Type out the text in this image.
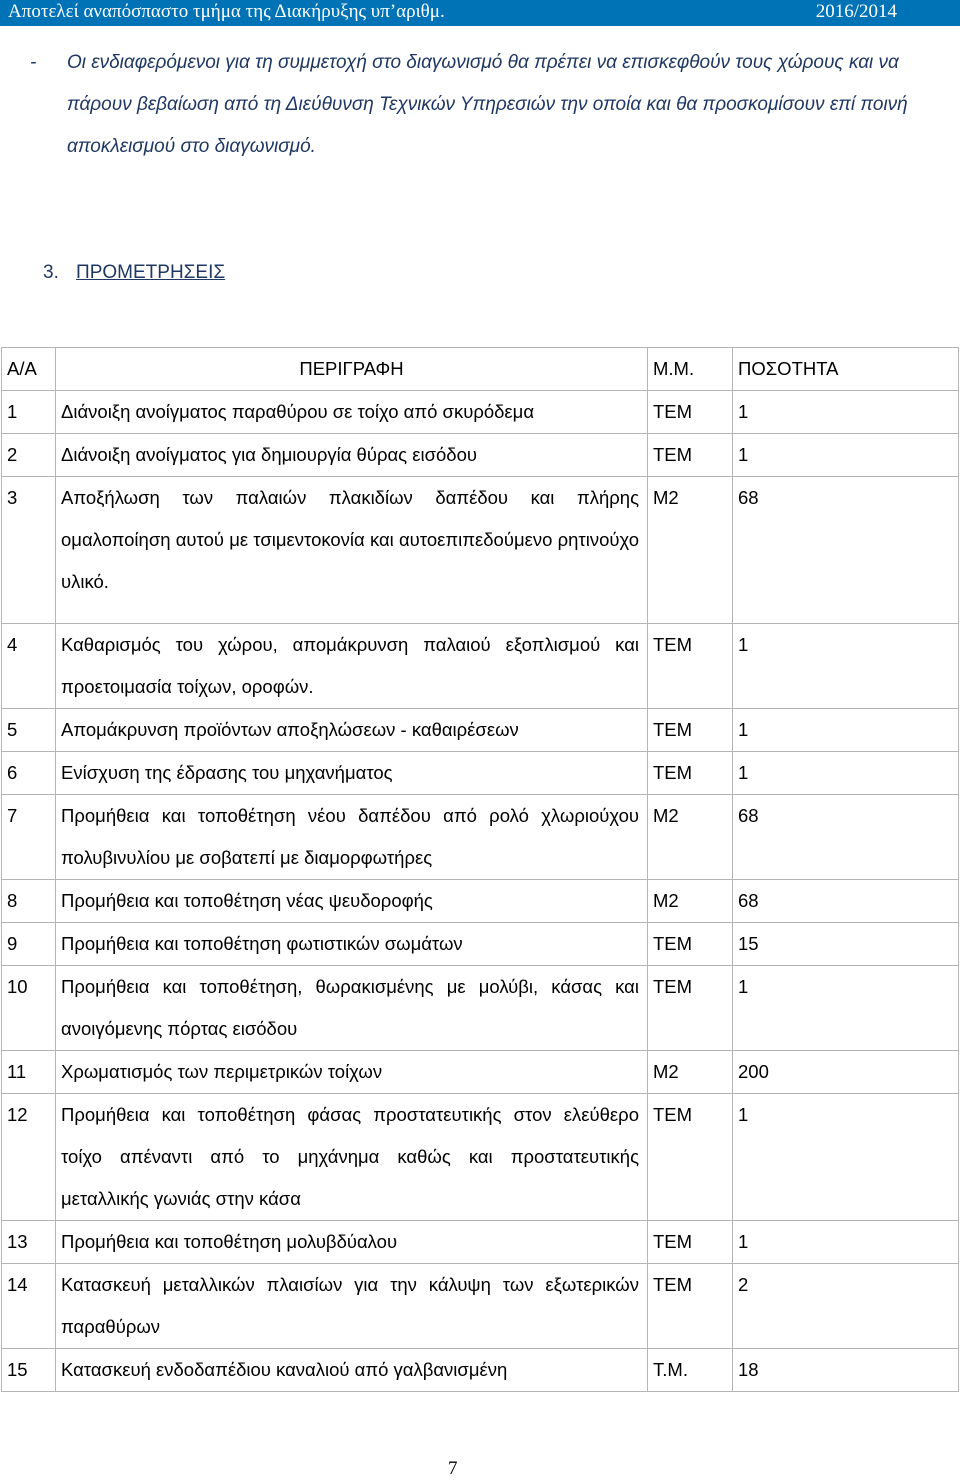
Αποτελεί αναπόσπαστο τμήμα της Διακήρυξης υπ’αριθμ.	2016/2014
- Οι ενδιαφερόμενοι για τη συμμετοχή στο διαγωνισμό θα πρέπει να επισκεφθούν τους χώρους και να πάρουν βεβαίωση από τη Διεύθυνση Τεχνικών Υπηρεσιών την οποία και θα προσκομίσουν επί ποινή αποκλεισμού στο διαγωνισμό.
3. ΠΡΟΜΕΤΡΗΣΕΙΣ
Α/Α	ΠΕΡΙΓΡΑΦΗ	Μ.Μ.	ΠΟΣΟΤΗΤΑ
1	Διάνοιξη ανοίγματος παραθύρου σε τοίχο από σκυρόδεμα	ΤΕΜ	1
2	Διάνοιξη ανοίγματος για δημιουργία θύρας εισόδου	ΤΕΜ	1
3	Αποξήλωση των παλαιών πλακιδίων δαπέδου και πλήρης ομαλοποίηση αυτού με τσιμεντοκονία και αυτοεπιπεδούμενο ρητινούχο υλικό.	Μ2	68
4	Καθαρισμός του χώρου, απομάκρυνση παλαιού εξοπλισμού και προετοιμασία τοίχων, οροφών.	ΤΕΜ	1
5	Απομάκρυνση προϊόντων αποξηλώσεων - καθαιρέσεων	ΤΕΜ	1
6	Ενίσχυση της έδρασης του μηχανήματος	ΤΕΜ	1
7	Προμήθεια και τοποθέτηση νέου δαπέδου από ρολό χλωριούχου πολυβινυλίου με σοβατεπί με διαμορφωτήρες	Μ2	68
8	Προμήθεια και τοποθέτηση νέας ψευδοροφής	Μ2	68
9	Προμήθεια και τοποθέτηση φωτιστικών σωμάτων	ΤΕΜ	15
10	Προμήθεια και τοποθέτηση, θωρακισμένης με μολύβι, κάσας και ανοιγόμενης πόρτας εισόδου	ΤΕΜ	1
11	Χρωματισμός των περιμετρικών τοίχων	Μ2	200
12	Προμήθεια και τοποθέτηση φάσας προστατευτικής στον ελεύθερο τοίχο απέναντι από το μηχάνημα καθώς και προστατευτικής μεταλλικής γωνιάς στην κάσα	ΤΕΜ	1
13	Προμήθεια και τοποθέτηση μολυβδύαλου	ΤΕΜ	1
14	Κατασκευή μεταλλικών πλαισίων για την κάλυψη των εξωτερικών παραθύρων	ΤΕΜ	2
15	Κατασκευή ενδοδαπέδιου καναλιού από γαλβανισμένη	Τ.Μ.	18
7
